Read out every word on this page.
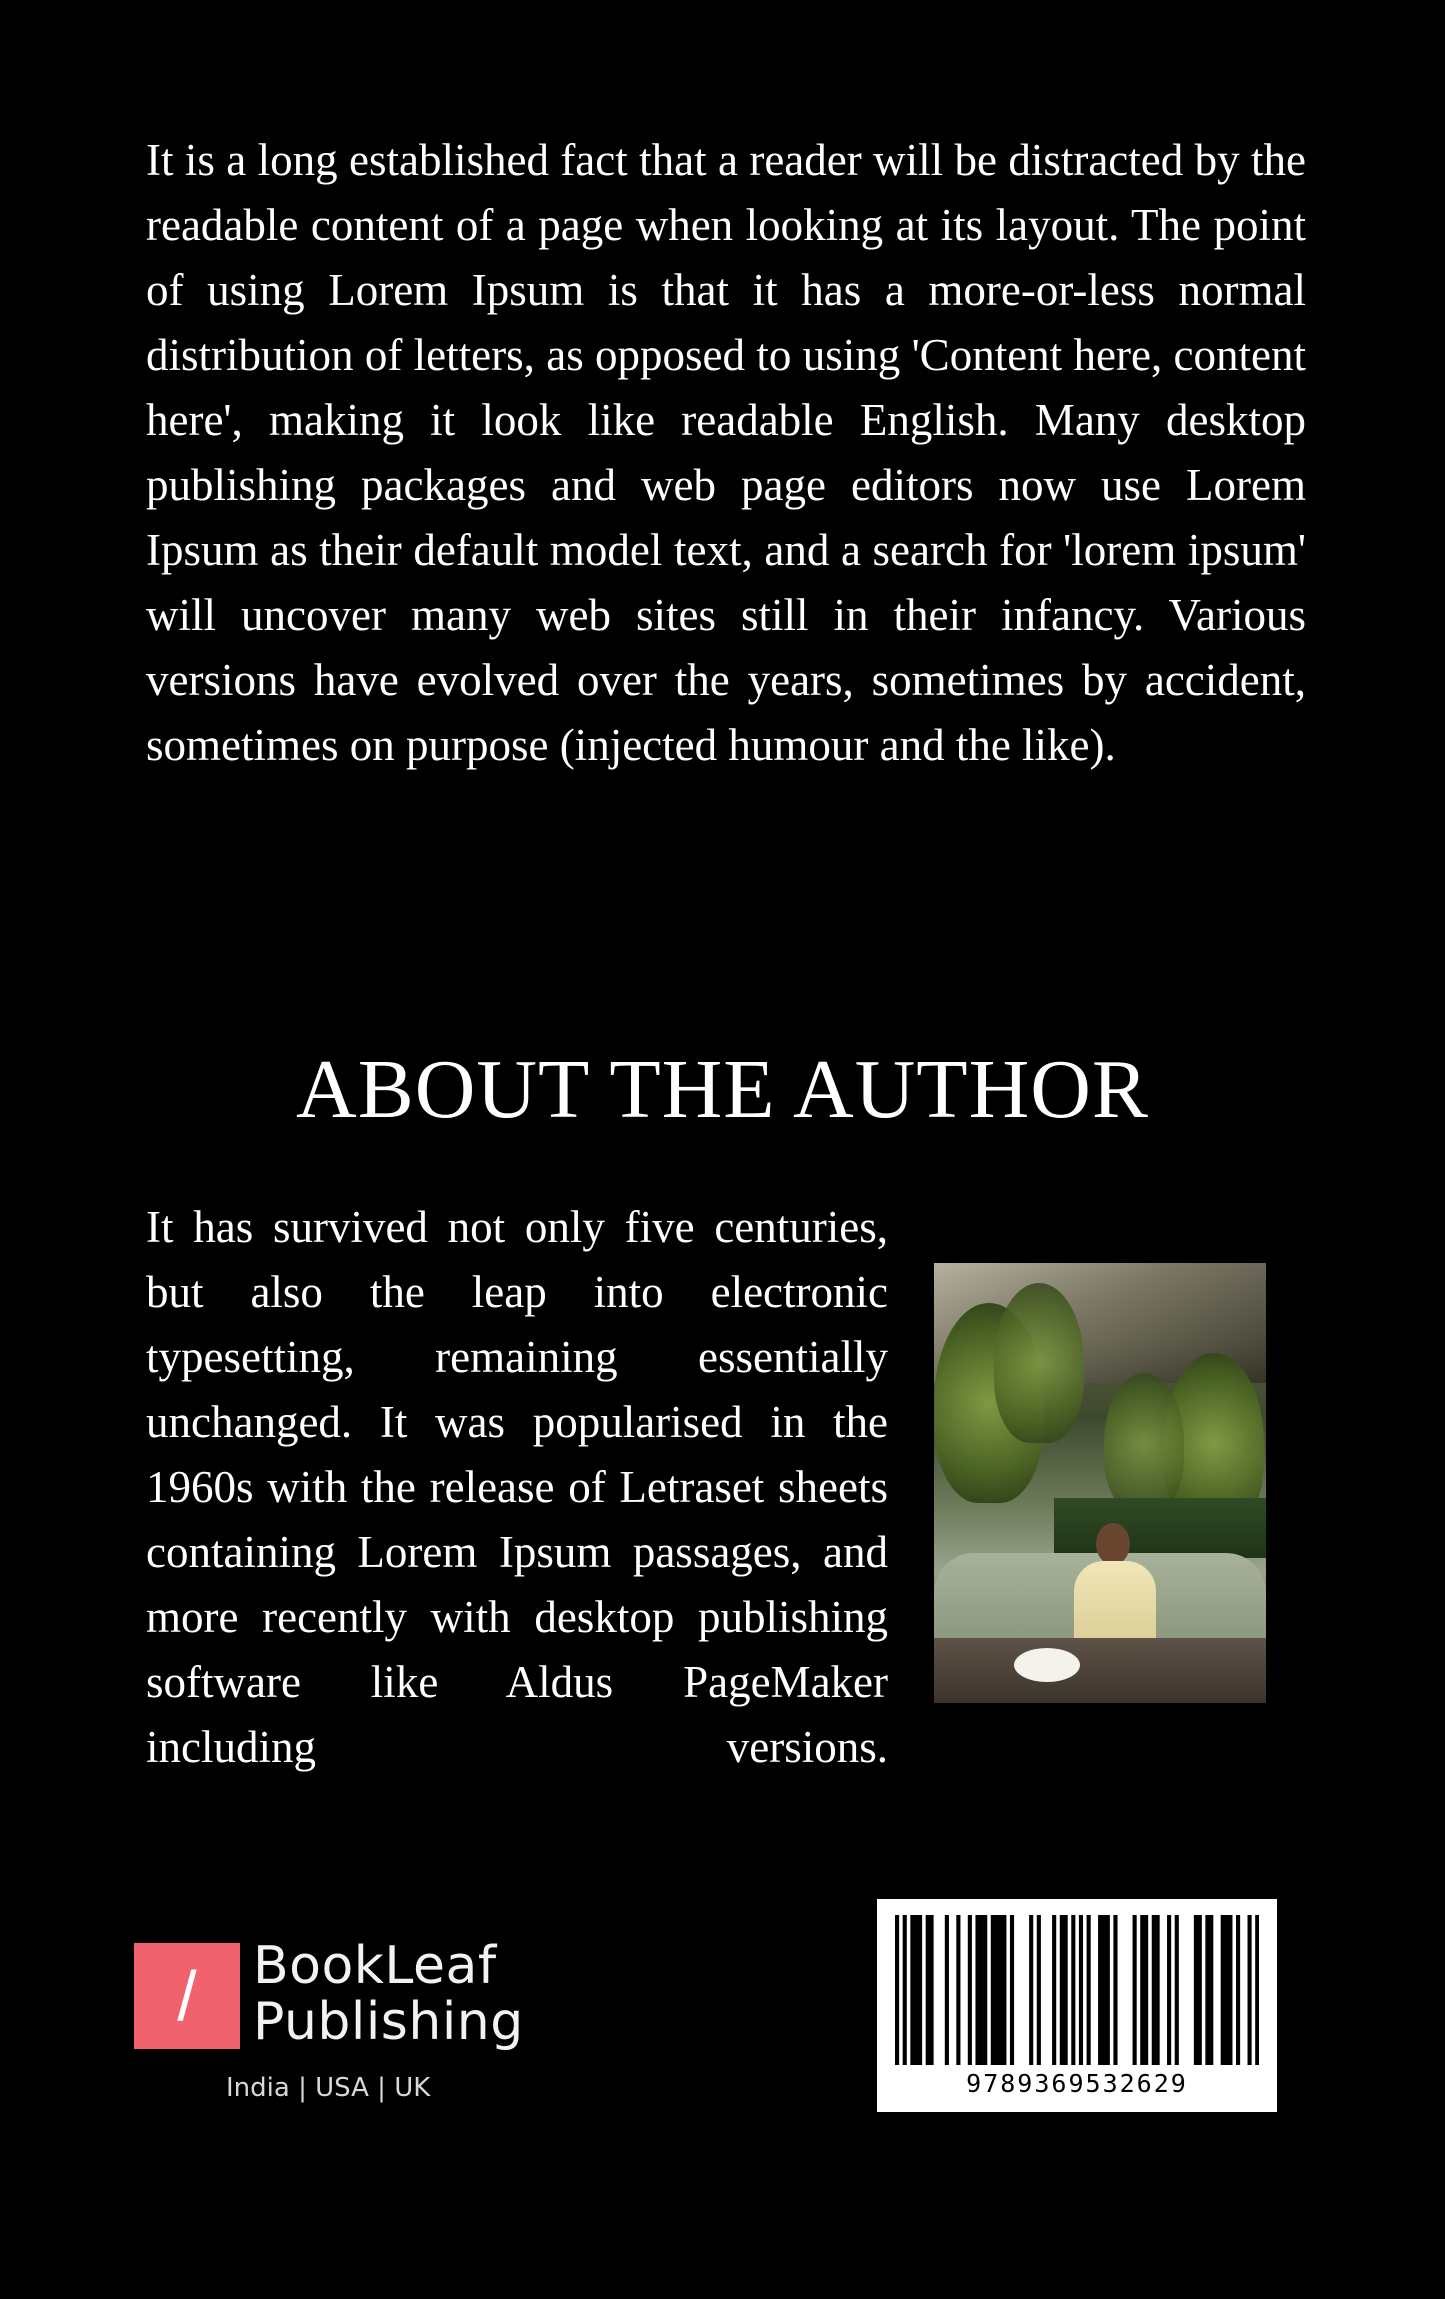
It is a long established fact that a reader will be distracted by the readable content of a page when looking at its layout. The point of using Lorem Ipsum is that it has a more-or-less normal distribution of letters, as opposed to using 'Content here, content here', making it look like readable English. Many desktop publishing packages and web page editors now use Lorem Ipsum as their default model text, and a search for 'lorem ipsum' will uncover many web sites still in their infancy. Various versions have evolved over the years, sometimes by accident, sometimes on purpose (injected humour and the like).

ABOUT THE AUTHOR

It has survived not only five centuries, but also the leap into electronic typesetting, remaining essentially unchanged. It was popularised in the 1960s with the release of Letraset sheets containing Lorem Ipsum passages, and more recently with desktop publishing software like Aldus PageMaker including versions.

/	BookLeaf
Publishing
India | USA | UK	9789369532629
